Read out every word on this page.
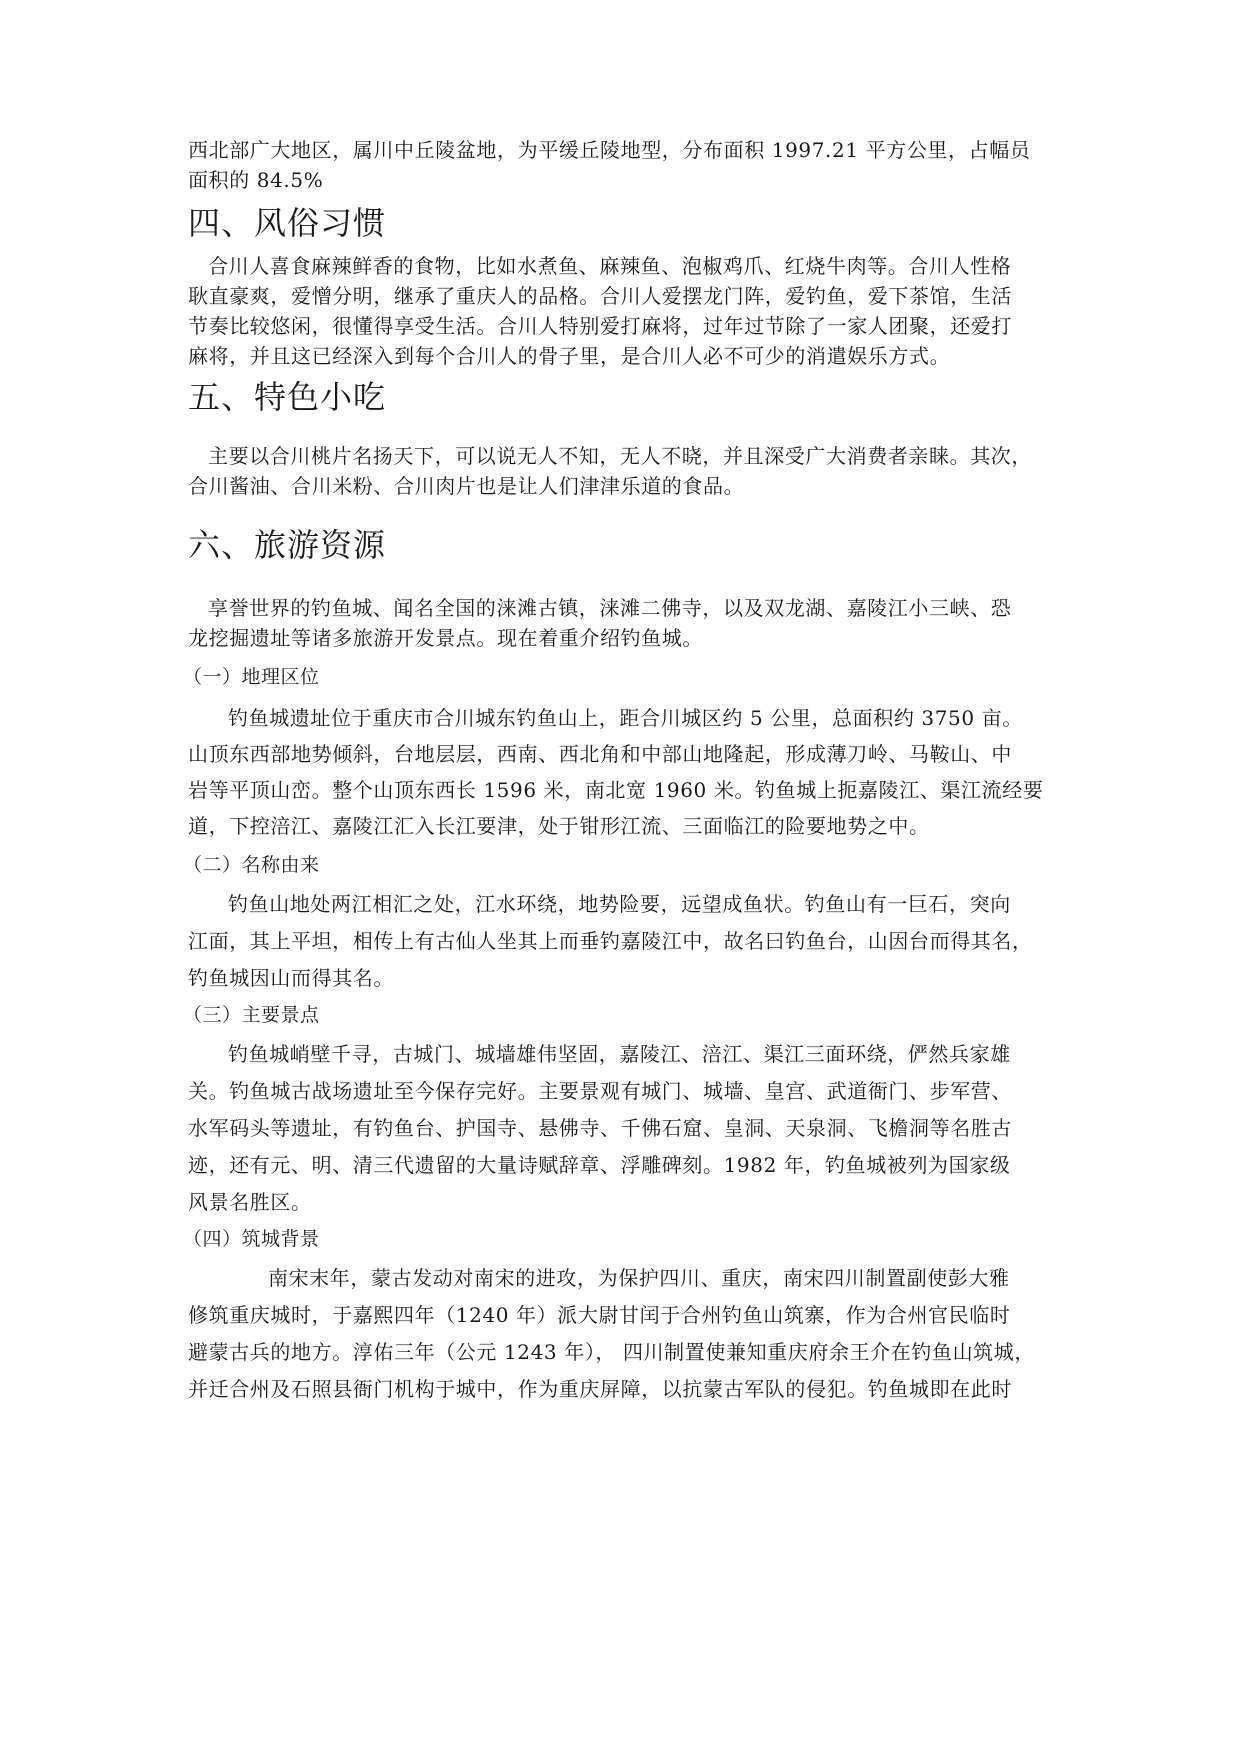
西北部广大地区，属川中丘陵盆地，为平缓丘陵地型，分布面积 1997.21 平方公里，占幅员
面积的 84.5%
四、风俗习惯
合川人喜食麻辣鲜香的食物，比如水煮鱼、麻辣鱼、泡椒鸡爪、红烧牛肉等。合川人性格
耿直豪爽，爱憎分明，继承了重庆人的品格。合川人爱摆龙门阵，爱钓鱼，爱下茶馆，生活
节奏比较悠闲，很懂得享受生活。合川人特别爱打麻将，过年过节除了一家人团聚，还爱打
麻将，并且这已经深入到每个合川人的骨子里，是合川人必不可少的消遣娱乐方式。
五、特色小吃
主要以合川桃片名扬天下，可以说无人不知，无人不晓，并且深受广大消费者亲睐。其次，
合川酱油、合川米粉、合川肉片也是让人们津津乐道的食品。
六、旅游资源
享誉世界的钓鱼城、闻名全国的涞滩古镇，涞滩二佛寺，以及双龙湖、嘉陵江小三峡、恐
龙挖掘遗址等诸多旅游开发景点。现在着重介绍钓鱼城。
（一）地理区位
钓鱼城遗址位于重庆市合川城东钓鱼山上，距合川城区约 5 公里，总面积约 3750 亩。
山顶东西部地势倾斜，台地层层，西南、西北角和中部山地隆起，形成薄刀岭、马鞍山、中
岩等平顶山峦。整个山顶东西长 1596 米，南北宽 1960 米。钓鱼城上扼嘉陵江、渠江流经要
道，下控涪江、嘉陵江汇入长江要津，处于钳形江流、三面临江的险要地势之中。
（二）名称由来
钓鱼山地处两江相汇之处，江水环绕，地势险要，远望成鱼状。钓鱼山有一巨石，突向
江面，其上平坦，相传上有古仙人坐其上而垂钓嘉陵江中，故名曰钓鱼台，山因台而得其名，
钓鱼城因山而得其名。
（三）主要景点
钓鱼城峭壁千寻，古城门、城墙雄伟坚固，嘉陵江、涪江、渠江三面环绕，俨然兵家雄
关。钓鱼城古战场遗址至今保存完好。主要景观有城门、城墙、皇宫、武道衙门、步军营、
水军码头等遗址，有钓鱼台、护国寺、悬佛寺、千佛石窟、皇洞、天泉洞、飞檐洞等名胜古
迹，还有元、明、清三代遗留的大量诗赋辞章、浮雕碑刻。1982 年，钓鱼城被列为国家级
风景名胜区。
（四）筑城背景
南宋末年，蒙古发动对南宋的进攻，为保护四川、重庆，南宋四川制置副使彭大雅
修筑重庆城时，于嘉熙四年（1240 年）派大尉甘闰于合州钓鱼山筑寨，作为合州官民临时
避蒙古兵的地方。淳佑三年（公元 1243 年）， 四川制置使兼知重庆府余王介在钓鱼山筑城，
并迁合州及石照县衙门机构于城中，作为重庆屏障，以抗蒙古军队的侵犯。钓鱼城即在此时
